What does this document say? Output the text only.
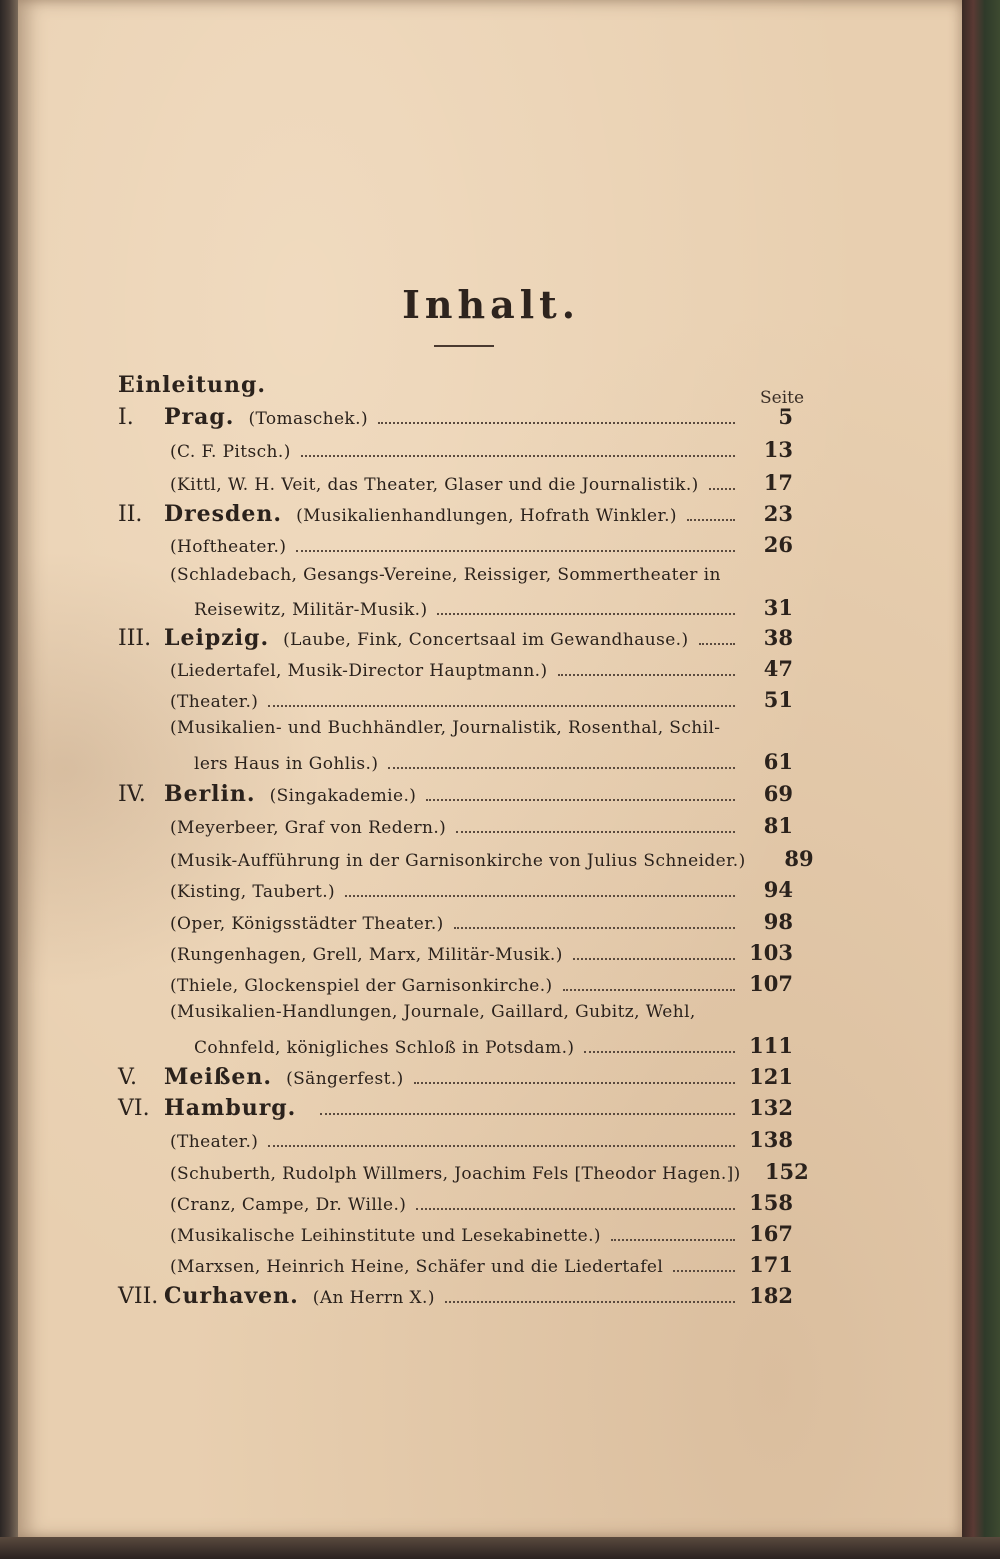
Inhalt.
Seite
Einleitung.
I.	Prag. (Tomaschek.)	5
(C. F. Pitsch.)	13
(Kittl, W. H. Veit, das Theater, Glaser und die Journalistik.)	17
II. Dresden. (Musikalienhandlungen, Hofrath Winkler.)	23
(Hoftheater.)	26
(Schladebach, Gesangs-Vereine, Reissiger, Sommertheater in
Reisewitz, Militär-Musik.)	31
III. Leipzig. (Laube, Fink, Concertsaal im Gewandhause.)	38
(Liedertafel, Musik-Director Hauptmann.)	47
(Theater.)	51
(Musikalien- und Buchhändler, Journalistik, Rosenthal, Schil-
lers Haus in Gohlis.)	61
IV. Berlin. (Singakademie.)	69
(Meyerbeer, Graf von Redern.)	81
(Musik-Aufführung in der Garnisonkirche von Julius Schneider.)	89
(Kisting, Taubert.)	94
(Oper, Königsstädter Theater.)	98
(Rungenhagen, Grell, Marx, Militär-Musik.)	103
(Thiele, Glockenspiel der Garnisonkirche.)	107
(Musikalien-Handlungen, Journale, Gaillard, Gubitz, Wehl,
Cohnfeld, königliches Schloß in Potsdam.)	111
V.	Meißen. (Sängerfest.)	121
VI. Hamburg.	132
(Theater.)	138
(Schuberth, Rudolph Willmers, Joachim Fels [Theodor Hagen.]) 152
(Cranz, Campe, Dr. Wille.)	158
(Musikalische Leihinstitute und Lesekabinette.)	167
(Marxsen, Heinrich Heine, Schäfer und die Liedertafel	171
VII. Curhaven. (An Herrn X.)	182
